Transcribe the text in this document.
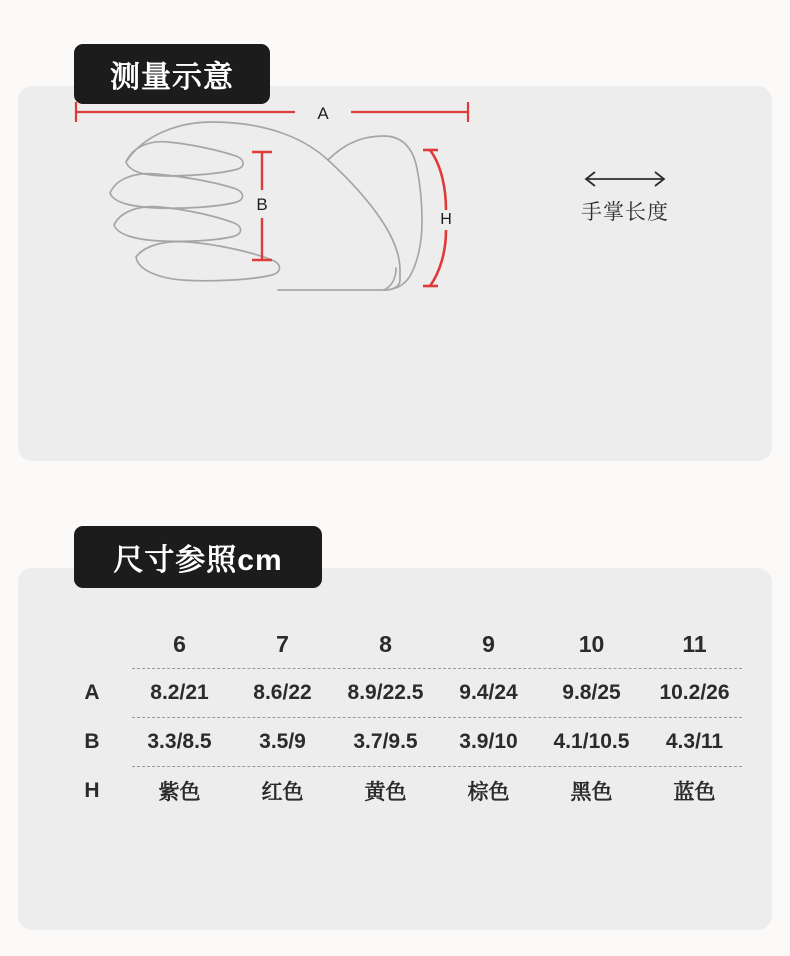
测量示意
A
B
H	手掌长度
	6	7	8	9	10	11

A	8.2/21	8.6/22	8.9/22.5	9.4/24	9.8/25	10.2/26

B	3.3/8.5	3.5/9	3.7/9.5	3.9/10	4.1/10.5	4.3/11

H	紫色	红色	黄色	棕色	黑色	蓝色
尺寸参照cm
